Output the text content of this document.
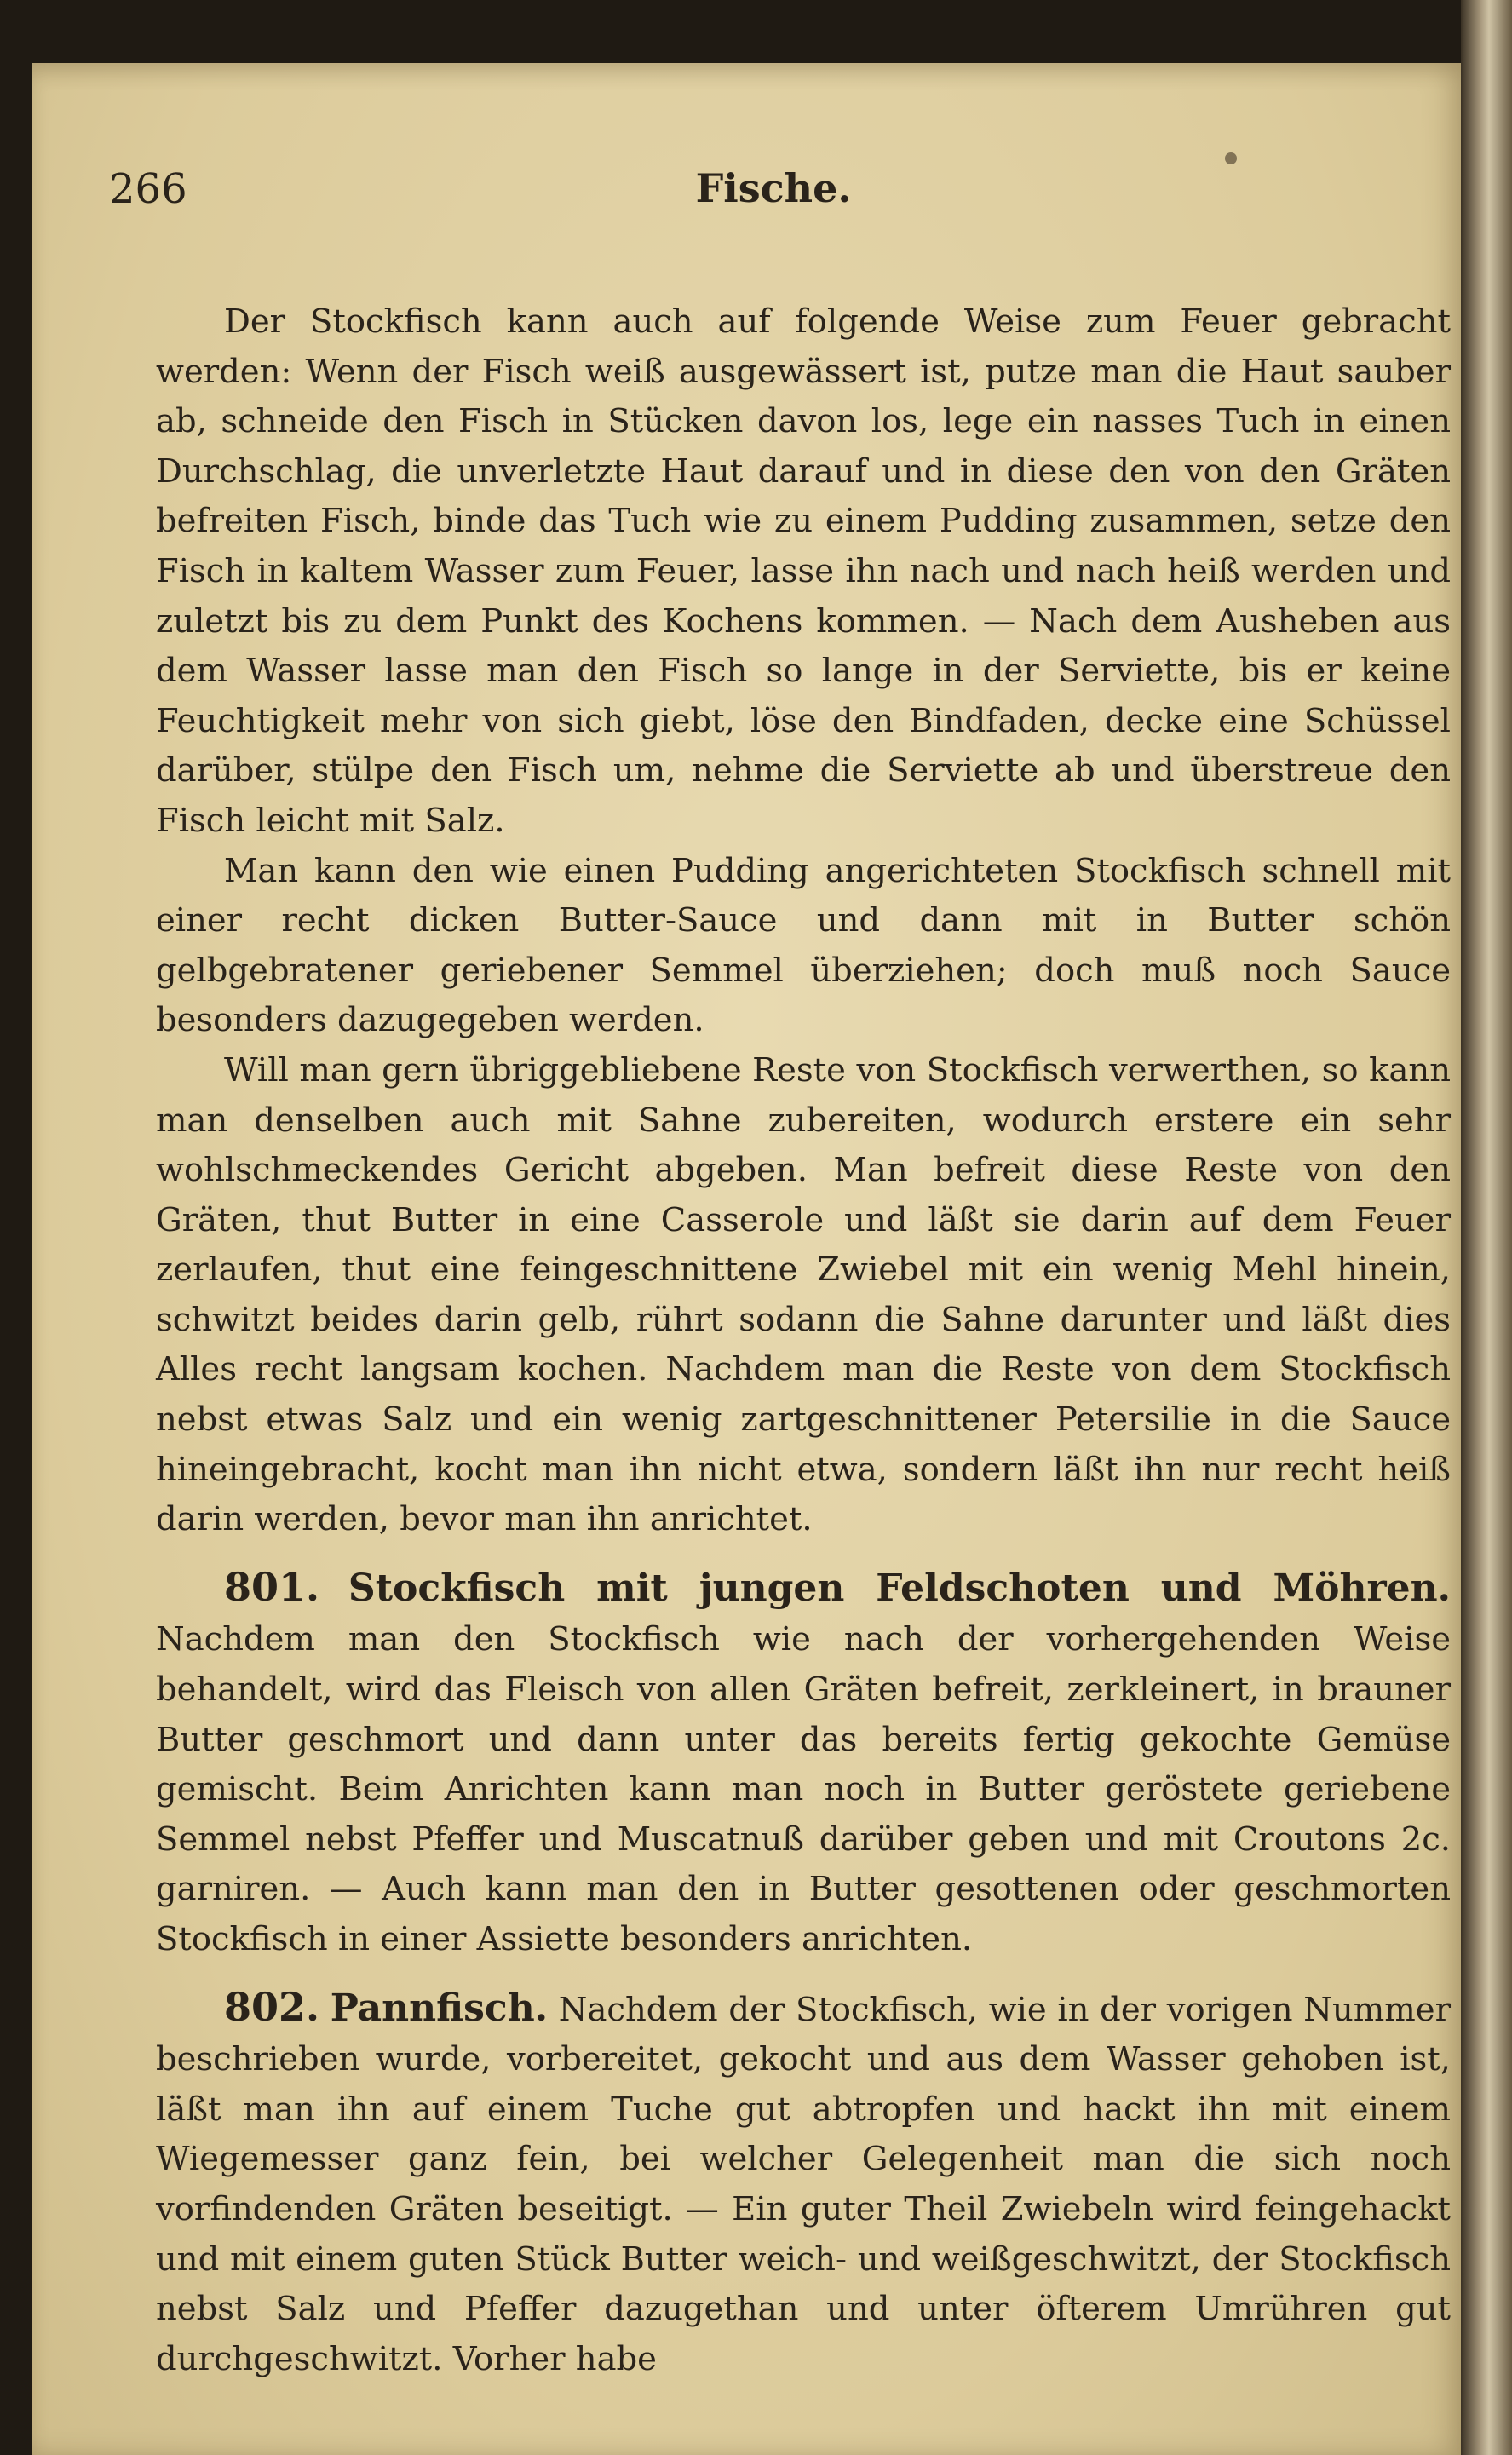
266	Fische.

Der Stockfisch kann auch auf folgende Weise zum Feuer gebracht werden: Wenn der Fisch weiß ausgewässert ist, putze man die Haut sauber ab, schneide den Fisch in Stücken davon los, lege ein nasses Tuch in einen Durchschlag, die unverletzte Haut darauf und in diese den von den Gräten befreiten Fisch, binde das Tuch wie zu einem Pudding zusammen, setze den Fisch in kaltem Wasser zum Feuer, lasse ihn nach und nach heiß werden und zuletzt bis zu dem Punkt des Kochens kommen. — Nach dem Ausheben aus dem Wasser lasse man den Fisch so lange in der Serviette, bis er keine Feuchtigkeit mehr von sich giebt, löse den Bindfaden, decke eine Schüssel darüber, stülpe den Fisch um, nehme die Serviette ab und überstreue den Fisch leicht mit Salz.

Man kann den wie einen Pudding angerichteten Stockfisch schnell mit einer recht dicken Butter-Sauce und dann mit in Butter schön gelbgebratener geriebener Semmel überziehen; doch muß noch Sauce besonders dazugegeben werden.

Will man gern übriggebliebene Reste von Stockfisch verwerthen, so kann man denselben auch mit Sahne zubereiten, wodurch erstere ein sehr wohlschmeckendes Gericht abgeben. Man befreit diese Reste von den Gräten, thut Butter in eine Casserole und läßt sie darin auf dem Feuer zerlaufen, thut eine feingeschnittene Zwiebel mit ein wenig Mehl hinein, schwitzt beides darin gelb, rührt sodann die Sahne darunter und läßt dies Alles recht langsam kochen. Nachdem man die Reste von dem Stockfisch nebst etwas Salz und ein wenig zartgeschnittener Petersilie in die Sauce hineingebracht, kocht man ihn nicht etwa, sondern läßt ihn nur recht heiß darin werden, bevor man ihn anrichtet.

801. Stockfisch mit jungen Feldschoten und Möhren. Nachdem man den Stockfisch wie nach der vorhergehenden Weise behandelt, wird das Fleisch von allen Gräten befreit, zerkleinert, in brauner Butter geschmort und dann unter das bereits fertig gekochte Gemüse gemischt. Beim Anrichten kann man noch in Butter geröstete geriebene Semmel nebst Pfeffer und Muscatnuß darüber geben und mit Croutons 2c. garniren. — Auch kann man den in Butter gesottenen oder geschmorten Stockfisch in einer Assiette besonders anrichten.

802. Pannfisch. Nachdem der Stockfisch, wie in der vorigen Nummer beschrieben wurde, vorbereitet, gekocht und aus dem Wasser gehoben ist, läßt man ihn auf einem Tuche gut abtropfen und hackt ihn mit einem Wiegemesser ganz fein, bei welcher Gelegenheit man die sich noch vorfindenden Gräten beseitigt. — Ein guter Theil Zwiebeln wird feingehackt und mit einem guten Stück Butter weich- und weißgeschwitzt, der Stockfisch nebst Salz und Pfeffer dazugethan und unter öfterem Umrühren gut durchgeschwitzt. Vorher habe
